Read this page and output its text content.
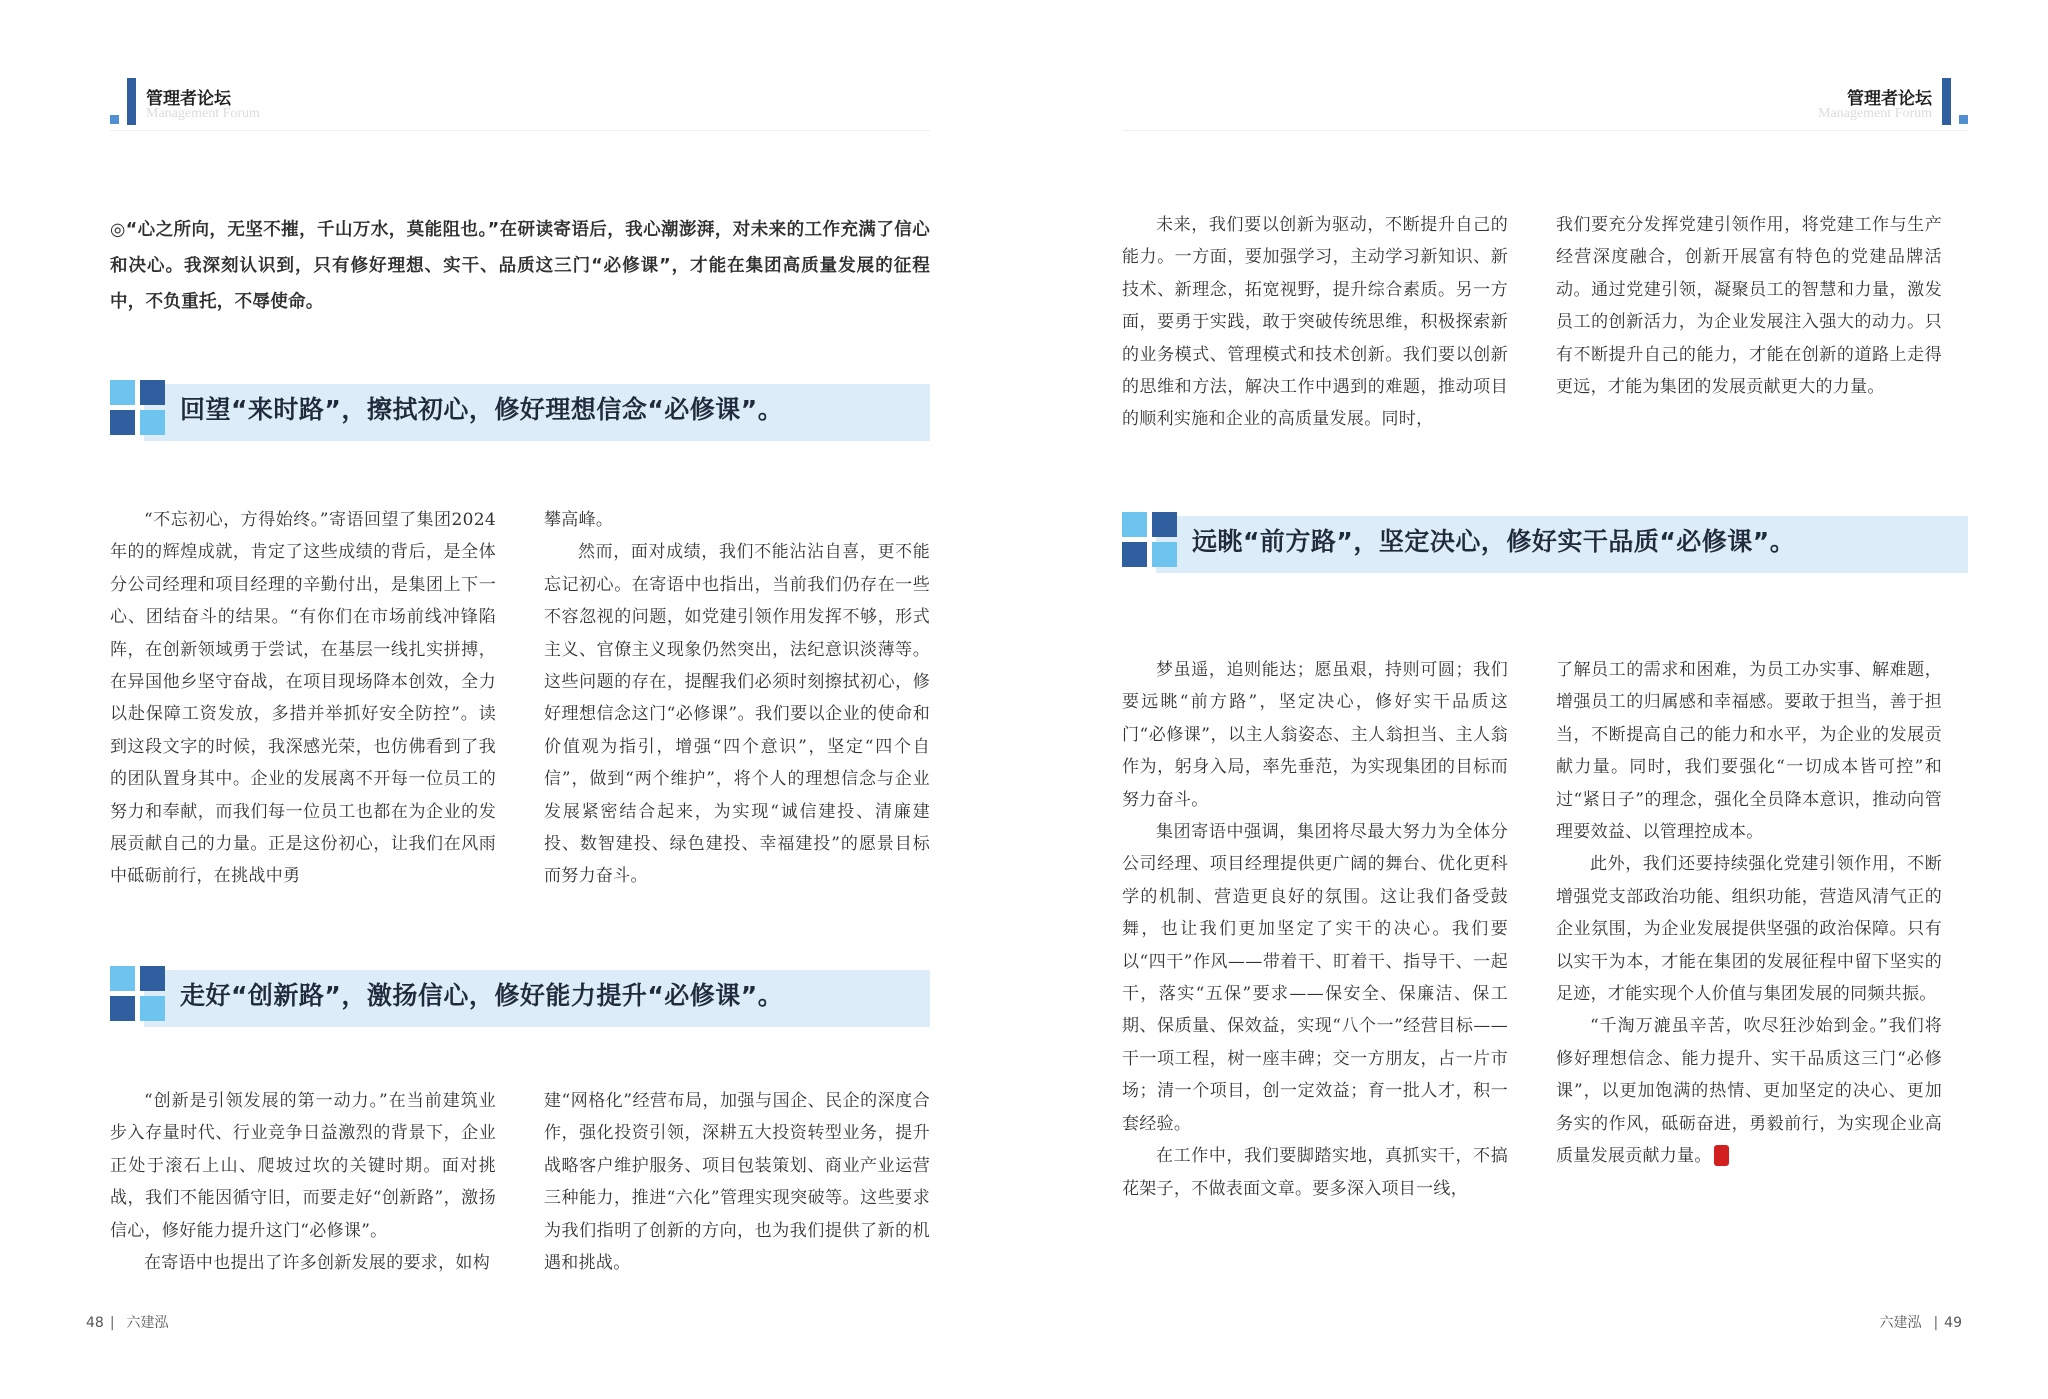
管理者论坛
Management Forum
◎“心之所向，无坚不摧，千山万水，莫能阻也。”在研读寄语后，我心潮澎湃，对未来的工作充满了信心和决心。我深刻认识到，只有修好理想、实干、品质这三门“必修课”，才能在集团高质量发展的征程中，不负重托，不辱使命。
回望“来时路”，擦拭初心，修好理想信念“必修课”。

“不忘初心，方得始终。”寄语回望了集团2024年的的辉煌成就，肯定了这些成绩的背后，是全体分公司经理和项目经理的辛勤付出，是集团上下一心、团结奋斗的结果。“有你们在市场前线冲锋陷阵，在创新领域勇于尝试，在基层一线扎实拼搏，在异国他乡坚守奋战，在项目现场降本创效，全力以赴保障工资发放，多措并举抓好安全防控”。读到这段文字的时候，我深感光荣，也仿佛看到了我的团队置身其中。企业的发展离不开每一位员工的努力和奉献，而我们每一位员工也都在为企业的发展贡献自己的力量。正是这份初心，让我们在风雨中砥砺前行，在挑战中勇

攀高峰。

然而，面对成绩，我们不能沾沾自喜，更不能忘记初心。在寄语中也指出，当前我们仍存在一些不容忽视的问题，如党建引领作用发挥不够，形式主义、官僚主义现象仍然突出，法纪意识淡薄等。这些问题的存在，提醒我们必须时刻擦拭初心，修好理想信念这门“必修课”。我们要以企业的使命和价值观为指引，增强“四个意识”，坚定“四个自信”，做到“两个维护”，将个人的理想信念与企业发展紧密结合起来，为实现“诚信建投、清廉建投、数智建投、绿色建投、幸福建投”的愿景目标而努力奋斗。

走好“创新路”，激扬信心，修好能力提升“必修课”。

“创新是引领发展的第一动力。”在当前建筑业步入存量时代、行业竞争日益激烈的背景下，企业正处于滚石上山、爬坡过坎的关键时期。面对挑战，我们不能因循守旧，而要走好“创新路”，激扬信心，修好能力提升这门“必修课”。

在寄语中也提出了许多创新发展的要求，如构

建“网格化”经营布局，加强与国企、民企的深度合作，强化投资引领，深耕五大投资转型业务，提升战略客户维护服务、项目包装策划、商业产业运营三种能力，推进“六化”管理实现突破等。这些要求为我们指明了创新的方向，也为我们提供了新的机遇和挑战。

48 | 六建泓
管理者论坛
Management Forum

未来，我们要以创新为驱动，不断提升自己的能力。一方面，要加强学习，主动学习新知识、新技术、新理念，拓宽视野，提升综合素质。另一方面，要勇于实践，敢于突破传统思维，积极探索新的业务模式、管理模式和技术创新。我们要以创新的思维和方法，解决工作中遇到的难题，推动项目的顺利实施和企业的高质量发展。同时，

我们要充分发挥党建引领作用，将党建工作与生产经营深度融合，创新开展富有特色的党建品牌活动。通过党建引领，凝聚员工的智慧和力量，激发员工的创新活力，为企业发展注入强大的动力。只有不断提升自己的能力，才能在创新的道路上走得更远，才能为集团的发展贡献更大的力量。

远眺“前方路”，坚定决心，修好实干品质“必修课”。

梦虽遥，追则能达；愿虽艰，持则可圆；我们要远眺“前方路”，坚定决心，修好实干品质这门“必修课”，以主人翁姿态、主人翁担当、主人翁作为，躬身入局，率先垂范，为实现集团的目标而努力奋斗。

集团寄语中强调，集团将尽最大努力为全体分公司经理、项目经理提供更广阔的舞台、优化更科学的机制、营造更良好的氛围。这让我们备受鼓舞，也让我们更加坚定了实干的决心。我们要以“四干”作风——带着干、盯着干、指导干、一起干，落实“五保”要求——保安全、保廉洁、保工期、保质量、保效益，实现“八个一”经营目标——干一项工程，树一座丰碑；交一方朋友，占一片市场；清一个项目，创一定效益；育一批人才，积一套经验。

在工作中，我们要脚踏实地，真抓实干，不搞花架子，不做表面文章。要多深入项目一线，

了解员工的需求和困难，为员工办实事、解难题，增强员工的归属感和幸福感。要敢于担当，善于担当，不断提高自己的能力和水平，为企业的发展贡献力量。同时，我们要强化“一切成本皆可控”和过“紧日子”的理念，强化全员降本意识，推动向管理要效益、以管理控成本。

此外，我们还要持续强化党建引领作用，不断增强党支部政治功能、组织功能，营造风清气正的企业氛围，为企业发展提供坚强的政治保障。只有以实干为本，才能在集团的发展征程中留下坚实的足迹，才能实现个人价值与集团发展的同频共振。

“千淘万漉虽辛苦，吹尽狂沙始到金。”我们将修好理想信念、能力提升、实干品质这三门“必修课”，以更加饱满的热情、更加坚定的决心、更加务实的作风，砥砺奋进，勇毅前行，为实现企业高质量发展贡献力量。

六建泓 | 49
